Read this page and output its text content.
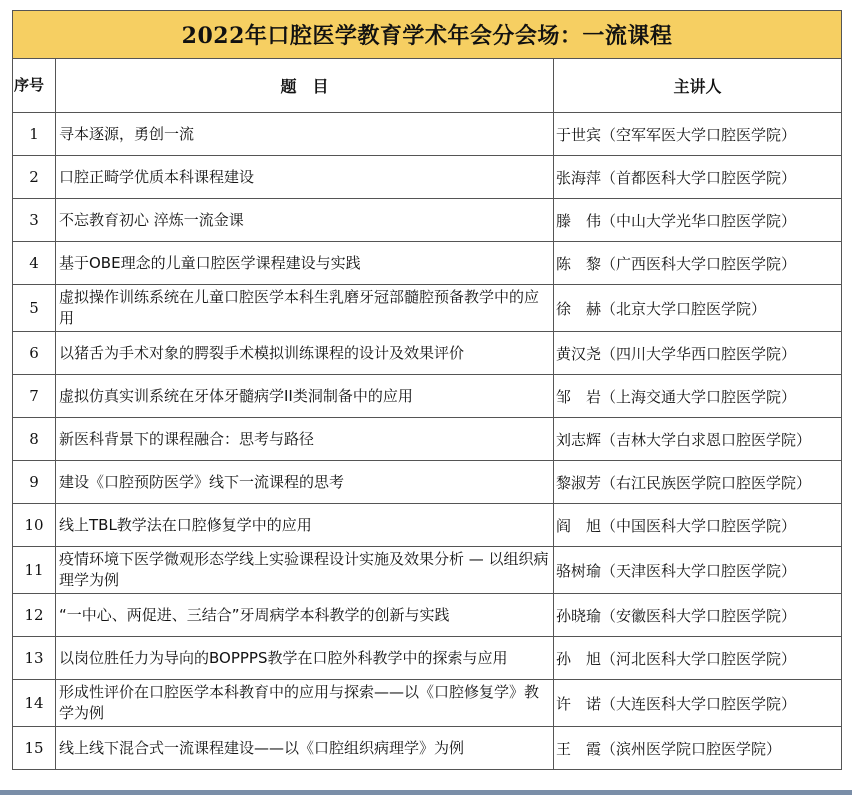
2022年口腔医学教育学术年会分会场：一流课程		
序号	题　目	主讲人
1	寻本逐源，勇创一流	于世宾（空军军医大学口腔医学院）
2	口腔正畸学优质本科课程建设	张海萍（首都医科大学口腔医学院）
3	不忘教育初心 淬炼一流金课	滕　伟（中山大学光华口腔医学院）
4	基于OBE理念的儿童口腔医学课程建设与实践	陈　黎（广西医科大学口腔医学院）
5	虚拟操作训练系统在儿童口腔医学本科生乳磨牙冠部髓腔预备教学中的应用	徐　赫（北京大学口腔医学院）
6	以猪舌为手术对象的腭裂手术模拟训练课程的设计及效果评价	黄汉尧（四川大学华西口腔医学院）
7	虚拟仿真实训系统在牙体牙髓病学II类洞制备中的应用	邹　岩（上海交通大学口腔医学院）
8	新医科背景下的课程融合：思考与路径	刘志辉（吉林大学白求恩口腔医学院）
9	建设《口腔预防医学》线下一流课程的思考	黎淑芳（右江民族医学院口腔医学院）
10	线上TBL教学法在口腔修复学中的应用	阎　旭（中国医科大学口腔医学院）
11	疫情环境下医学微观形态学线上实验课程设计实施及效果分析 — 以组织病理学为例	骆树瑜（天津医科大学口腔医学院）
12	“一中心、两促进、三结合”牙周病学本科教学的创新与实践	孙晓瑜（安徽医科大学口腔医学院）
13	以岗位胜任力为导向的BOPPPS教学在口腔外科教学中的探索与应用	孙　旭（河北医科大学口腔医学院）
14	形成性评价在口腔医学本科教育中的应用与探索——以《口腔修复学》教学为例	许　诺（大连医科大学口腔医学院）
15	线上线下混合式一流课程建设——以《口腔组织病理学》为例	王　霞（滨州医学院口腔医学院）
